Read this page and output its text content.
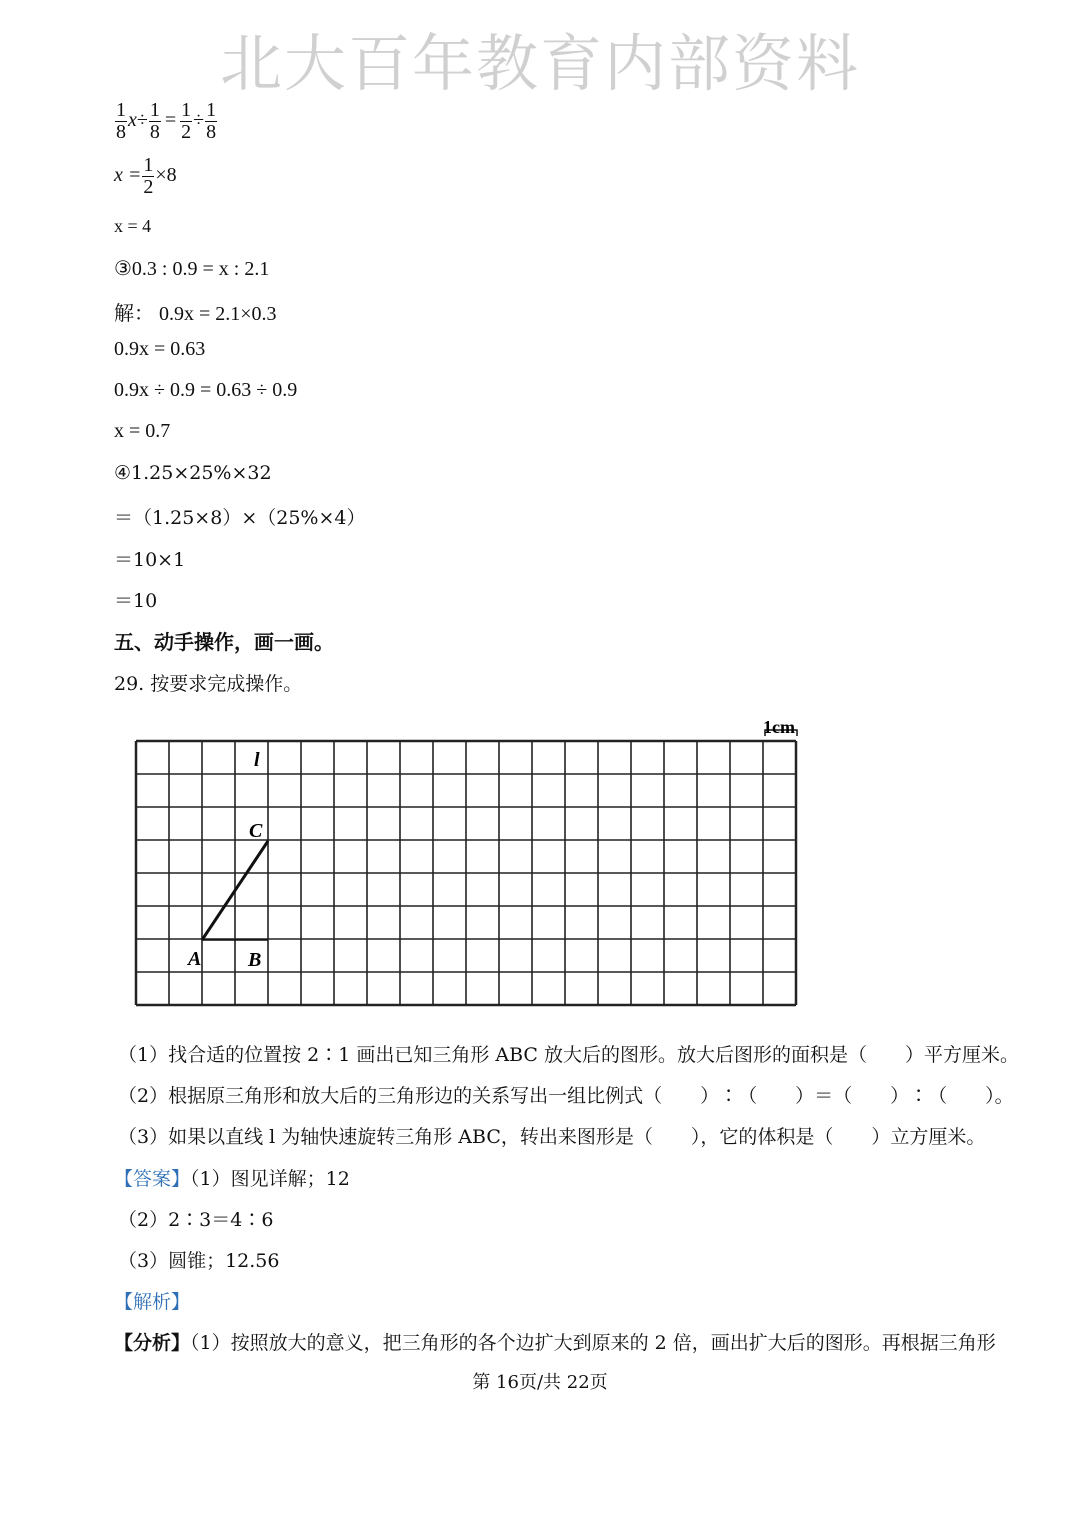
北大百年教育内部资料
$\frac{1}{8} x\div \frac{1}{8} = \frac{1}{2} \div \frac{1}{8}$
$x = \frac{1}{2} \times 8$
x = 4
③0.3 : 0.9 = x : 2.1
解： 0.9x = 2.1×0.3
0.9x = 0.63
0.9x ÷ 0.9 = 0.63 ÷ 0.9
x = 0.7
④1.25×25%×32
＝（1.25×8）×（25%×4）
＝10×1
＝10
五、动手操作，画一画。
29. 按要求完成操作。
1cm
l
C
A B
（1）找合适的位置按 2∶1 画出已知三角形 ABC 放大后的图形。放大后图形的面积是（　　）平方厘米。
（2）根据原三角形和放大后的三角形边的关系写出一组比例式（　　）∶（　　）＝（　　）∶（　　）。
（3）如果以直线 l 为轴快速旋转三角形 ABC，转出来图形是（　　），它的体积是（　　）立方厘米。
【答案】（1）图见详解；12
（2）2∶3＝4∶6
（3）圆锥；12.56
【解析】
【分析】（1）按照放大的意义，把三角形的各个边扩大到原来的 2 倍，画出扩大后的图形。再根据三角形
第 16页/共 22页
